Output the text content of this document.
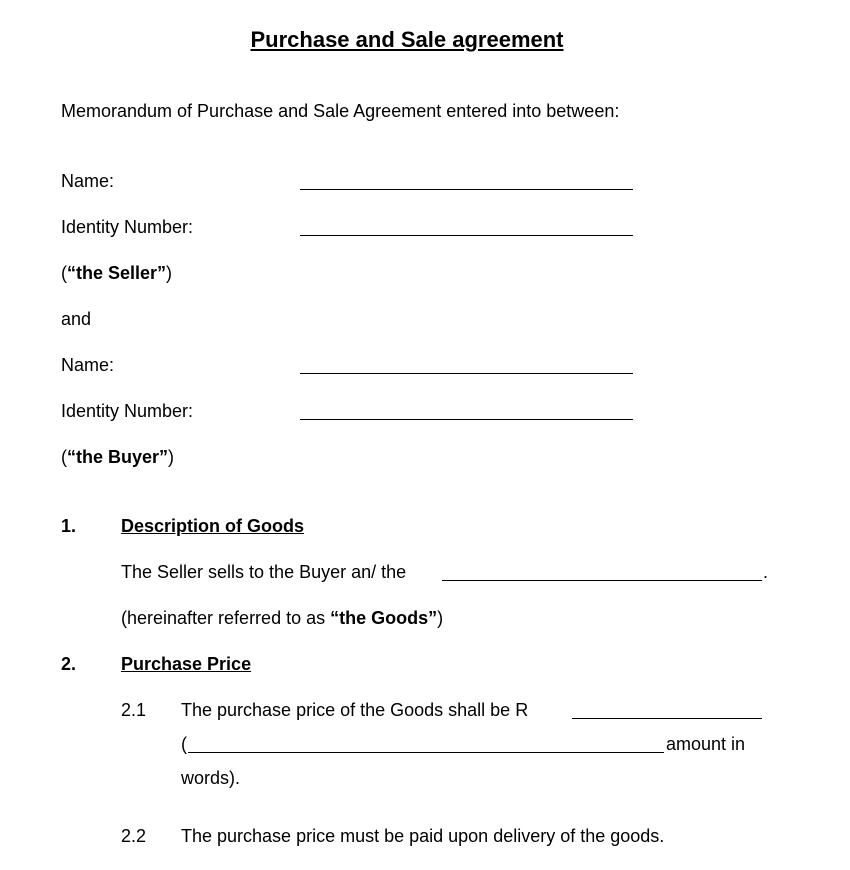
Purchase and Sale agreement
Memorandum of Purchase and Sale Agreement entered into between:
Name:
Identity Number:
(“the Seller”)
and
Name:
Identity Number:
(“the Buyer”)
1. Description of Goods
The Seller sells to the Buyer an/ the	.
(hereinafter referred to as “the Goods”)
2. Purchase Price
2.1 The purchase price of the Goods shall be R
(	amount in
words).
2.2 The purchase price must be paid upon delivery of the goods.
